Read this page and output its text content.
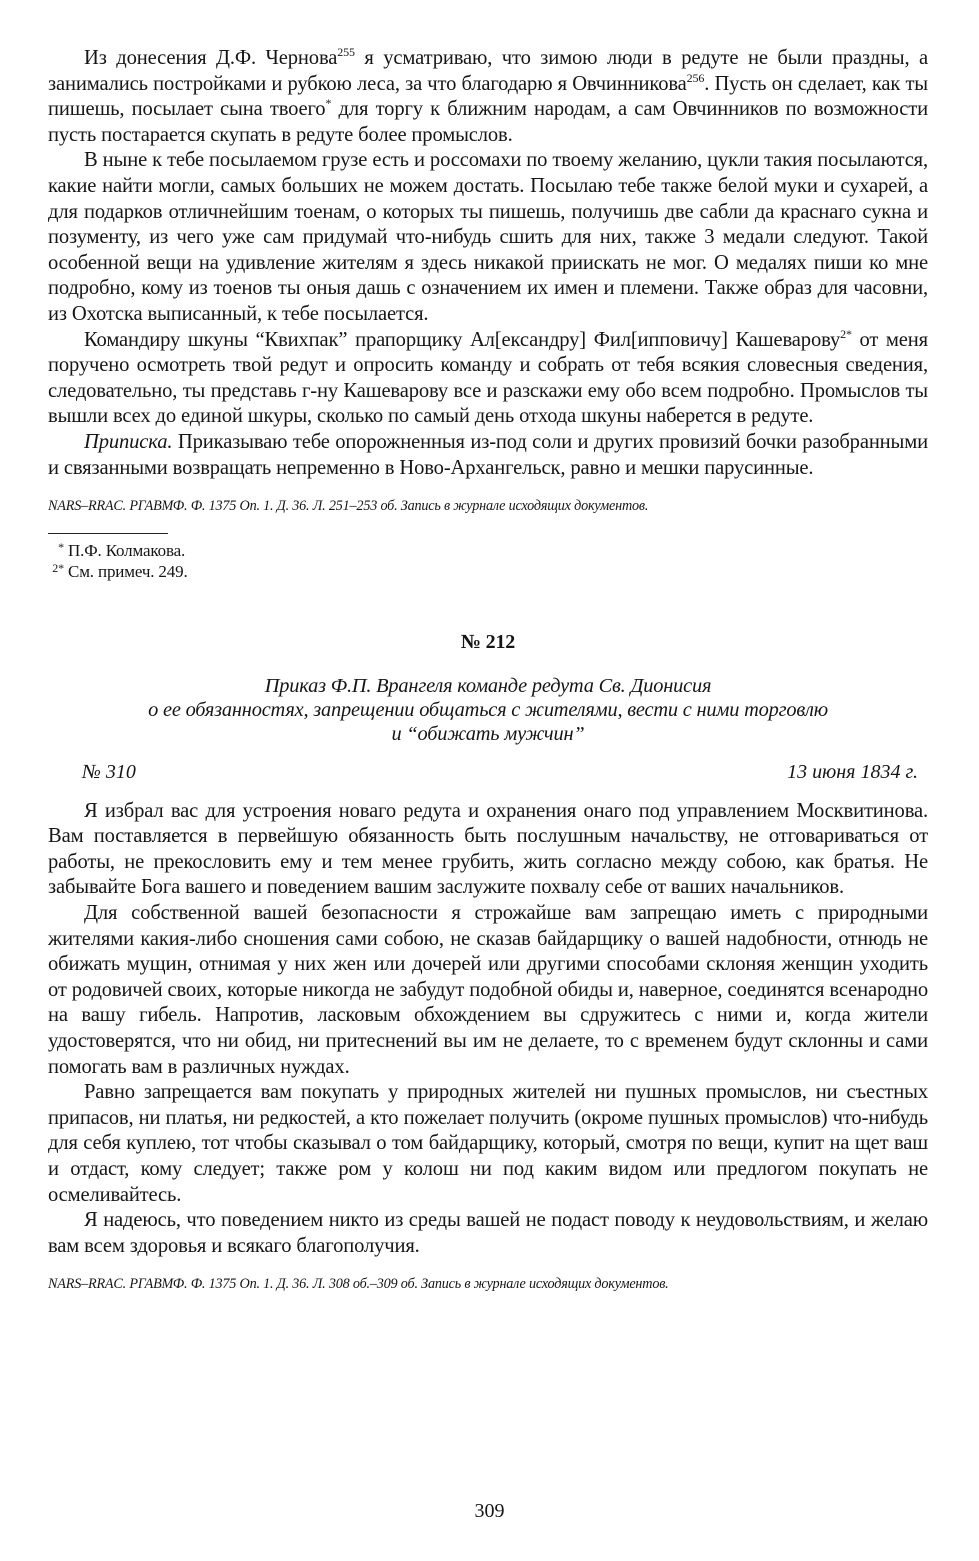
Из донесения Д.Ф. Чернова$^{255}$ я усматриваю, что зимою люди в редуте не были праздны, а занимались постройками и рубкою леса, за что благодарю я Овчинникова$^{256}$. Пусть он сделает, как ты пишешь, посылает сына твоего* для торгу к ближним народам, а сам Овчинников по возможности пусть постарается скупать в редуте более промыслов.

В ныне к тебе посылаемом грузе есть и россомахи по твоему желанию, цукли такия посылаются, какие найти могли, самых больших не можем достать. Посылаю тебе также белой муки и сухарей, а для подарков отличнейшим тоенам, о которых ты пишешь, получишь две сабли да краснаго сукна и позументу, из чего уже сам придумай что-нибудь сшить для них, также 3 медали следуют. Такой особенной вещи на удивление жителям я здесь никакой приискать не мог. О медалях пиши ко мне подробно, кому из тоенов ты оныя дашь с означением их имен и племени. Также образ для часовни, из Охотска выписанный, к тебе посылается.

Командиру шкуны “Квихпак” прапорщику Ал[ександру] Фил[ипповичу] Кашеварову$^{2*}$ от меня поручено осмотреть твой редут и опросить команду и собрать от тебя всякия словесныя сведения, следовательно, ты представь г-ну Кашеварову все и разскажи ему обо всем подробно. Промыслов ты вышли всех до единой шкуры, сколько по самый день отхода шкуны наберется в редуте.

Приписка. Приказываю тебе опорожненныя из-под соли и других провизий бочки разобранными и связанными возвращать непременно в Ново-Архангельск, равно и мешки парусинные.

NARS–RRAC. РГАВМФ. Ф. 1375 Оп. 1. Д. 36. Л. 251–253 об. Запись в журнале исходящих документов.

* П.Ф. Колмакова.

2* См. примеч. 249.

№ 212

Приказ Ф.П. Врангеля команде редута Св. Дионисия
о ее обязанностях, запрещении общаться с жителями, вести с ними торговлю
и “обижать мужчин”
№ 310	13 июня 1834 г.

Я избрал вас для устроения новаго редута и охранения онаго под управлением Москвитинова. Вам поставляется в первейшую обязанность быть послушным начальству, не отговариваться от работы, не прекословить ему и тем менее грубить, жить согласно между собою, как братья. Не забывайте Бога вашего и поведением вашим заслужите похвалу себе от ваших начальников.

Для собственной вашей безопасности я строжайше вам запрещаю иметь с природными жителями какия-либо сношения сами собою, не сказав байдарщику о вашей надобности, отнюдь не обижать мущин, отнимая у них жен или дочерей или другими способами склоняя женщин уходить от родовичей своих, которые никогда не забудут подобной обиды и, наверное, соединятся всенародно на вашу гибель. Напротив, ласковым обхождением вы сдружитесь с ними и, когда жители удостоверятся, что ни обид, ни притеснений вы им не делаете, то с временем будут склонны и сами помогать вам в различных нуждах.

Равно запрещается вам покупать у природных жителей ни пушных промыслов, ни съестных припасов, ни платья, ни редкостей, а кто пожелает получить (окроме пушных промыслов) что-нибудь для себя куплею, тот чтобы сказывал о том байдарщику, который, смотря по вещи, купит на щет ваш и отдаст, кому следует; также ром у колош ни под каким видом или предлогом покупать не осмеливайтесь.

Я надеюсь, что поведением никто из среды вашей не подаст поводу к неудовольствиям, и желаю вам всем здоровья и всякаго благополучия.

NARS–RRAC. РГАВМФ. Ф. 1375 Оп. 1. Д. 36. Л. 308 об.–309 об. Запись в журнале исходящих документов.

309
